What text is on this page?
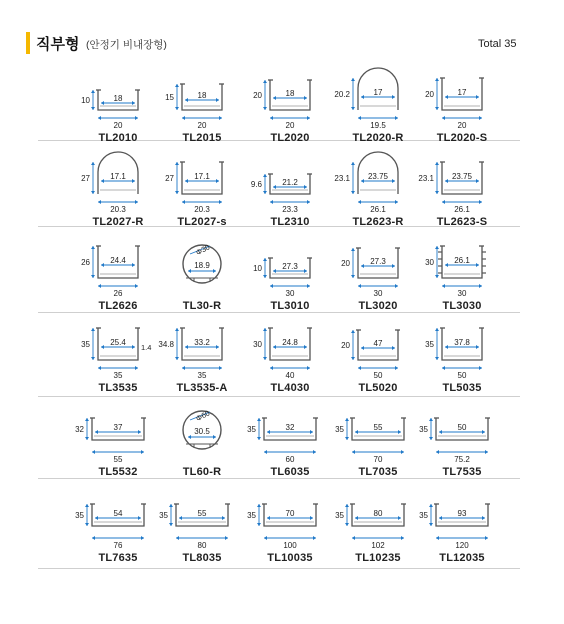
직부형 (안정기 비내장형)	Total 35
18
10
20
TL2010
18
15
20
TL2015
18
20
20
TL2020
17
20.2
19.5
TL2020-R
17
20
20
TL2020-S
17.1
27
20.3
TL2027-R
17.1
27
20.3
TL2027-s
21.2
9.6
23.3
TL2310
23.75
23.1
26.1
TL2623-R
23.75
23.1
26.1
TL2623-S
24.4
26
26
TL2626
Φ30
18.9
TL30-R
27.3
10
30
TL3010
27.3
20
30
TL3020
26.1
30
30
TL3030
25.4
35	1.4
35
TL3535
33.2
34.8
35
TL3535-A
24.8
30
40
TL4030
47
20
50
TL5020
37.8
35
50
TL5035
37
32
55
TL5532
Φ60
30.5
TL60-R
32
35
60
TL6035
55
35
70
TL7035
50
35
75.2
TL7535
54
35
76
TL7635
55
35
80
TL8035
70
35
100
TL10035
80
35
102
TL10235
93
35
120
TL12035
